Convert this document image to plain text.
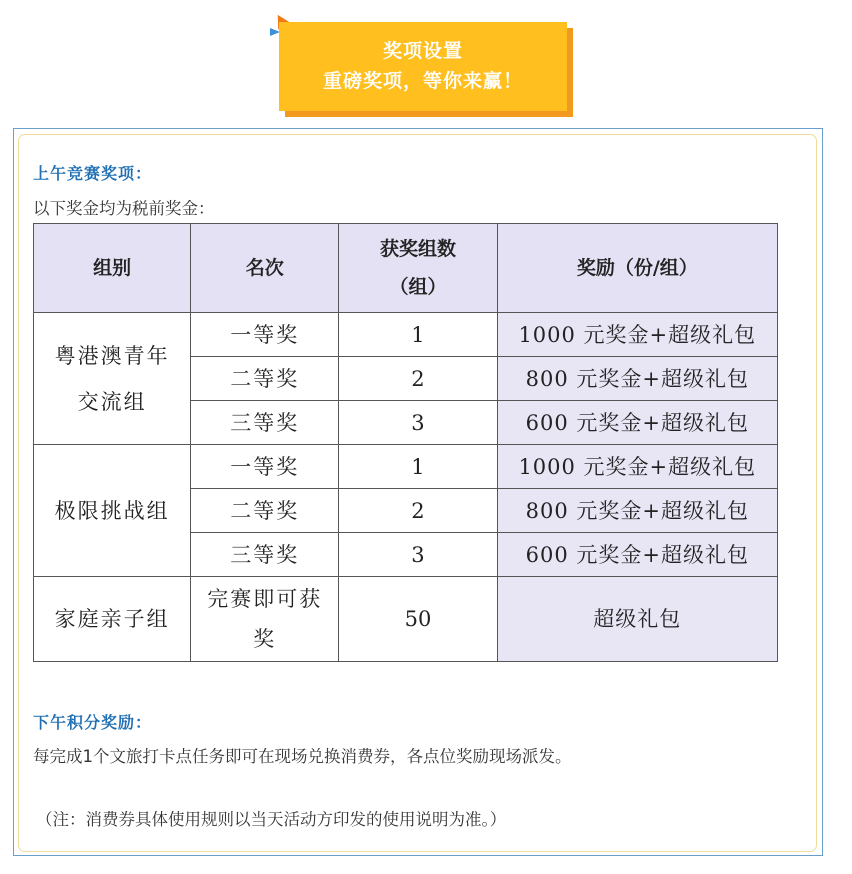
奖项设置
重磅奖项，等你来赢！
上午竞赛奖项：
以下奖金均为税前奖金：
组别	名次	获奖组数（组）	奖励（份/组）
粤港澳青年交流组	一等奖	1	1000 元奖金+超级礼包
	二等奖	2	800 元奖金+超级礼包
	三等奖	3	600 元奖金+超级礼包
极限挑战组	一等奖	1	1000 元奖金+超级礼包
	二等奖	2	800 元奖金+超级礼包
	三等奖	3	600 元奖金+超级礼包
家庭亲子组	完赛即可获奖	50	超级礼包
下午积分奖励：
每完成1个文旅打卡点任务即可在现场兑换消费券，各点位奖励现场派发。
（注：消费券具体使用规则以当天活动方印发的使用说明为准。）
